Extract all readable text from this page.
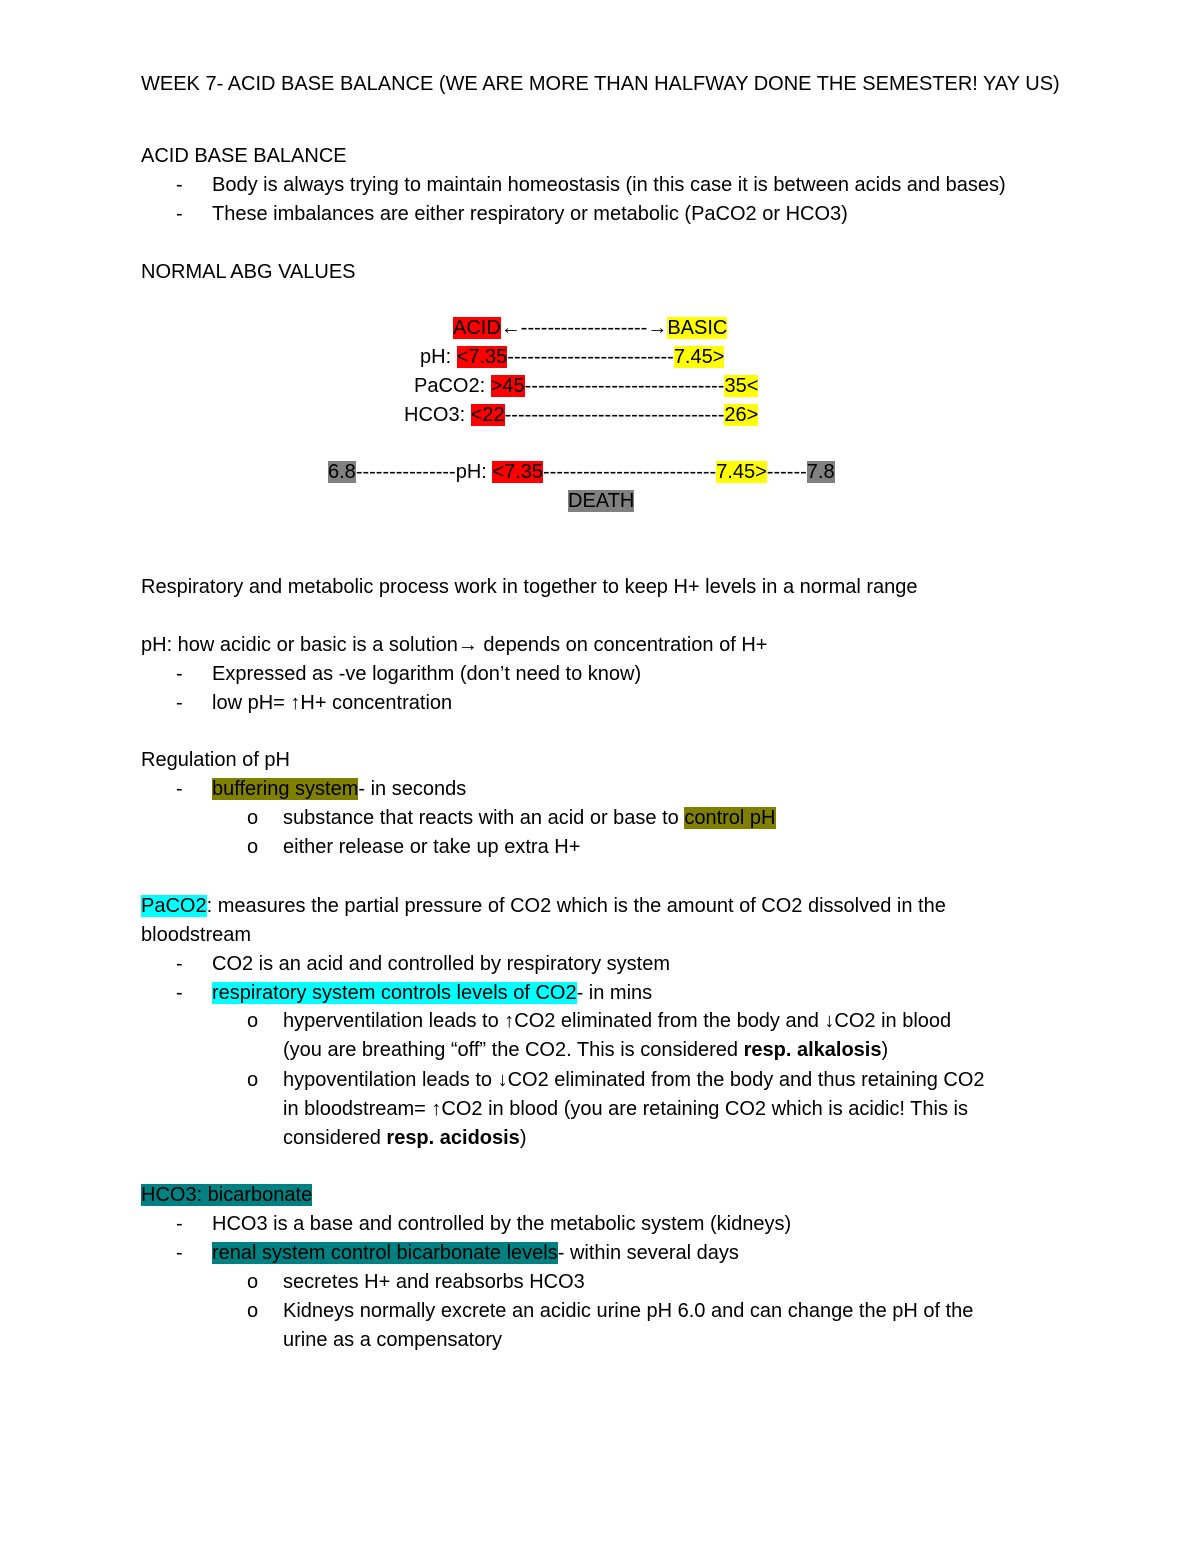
WEEK 7- ACID BASE BALANCE (WE ARE MORE THAN HALFWAY DONE THE SEMESTER! YAY US)
ACID BASE BALANCE
- Body is always trying to maintain homeostasis (in this case it is between acids and bases)
- These imbalances are either respiratory or metabolic (PaCO2 or HCO3)
NORMAL ABG VALUES
ACID←-------------------→BASIC
pH: <7.35-------------------------7.45>
PaCO2: >45------------------------------35<
HCO3: <22---------------------------------26>
6.8---------------pH: <7.35--------------------------7.45>------7.8
DEATH
Respiratory and metabolic process work in together to keep H+ levels in a normal range
pH: how acidic or basic is a solution→ depends on concentration of H+
- Expressed as -ve logarithm (don’t need to know)
- low pH= ↑H+ concentration
Regulation of pH
- buffering system- in seconds
o substance that reacts with an acid or base to control pH
o either release or take up extra H+
PaCO2: measures the partial pressure of CO2 which is the amount of CO2 dissolved in the
bloodstream
- CO2 is an acid and controlled by respiratory system
- respiratory system controls levels of CO2- in mins
o hyperventilation leads to ↑CO2 eliminated from the body and ↓CO2 in blood
(you are breathing “off” the CO2. This is considered resp. alkalosis)
o hypoventilation leads to ↓CO2 eliminated from the body and thus retaining CO2
in bloodstream= ↑CO2 in blood (you are retaining CO2 which is acidic! This is
considered resp. acidosis)
HCO3: bicarbonate
- HCO3 is a base and controlled by the metabolic system (kidneys)
- renal system control bicarbonate levels- within several days
o secretes H+ and reabsorbs HCO3
o Kidneys normally excrete an acidic urine pH 6.0 and can change the pH of the
urine as a compensatory
